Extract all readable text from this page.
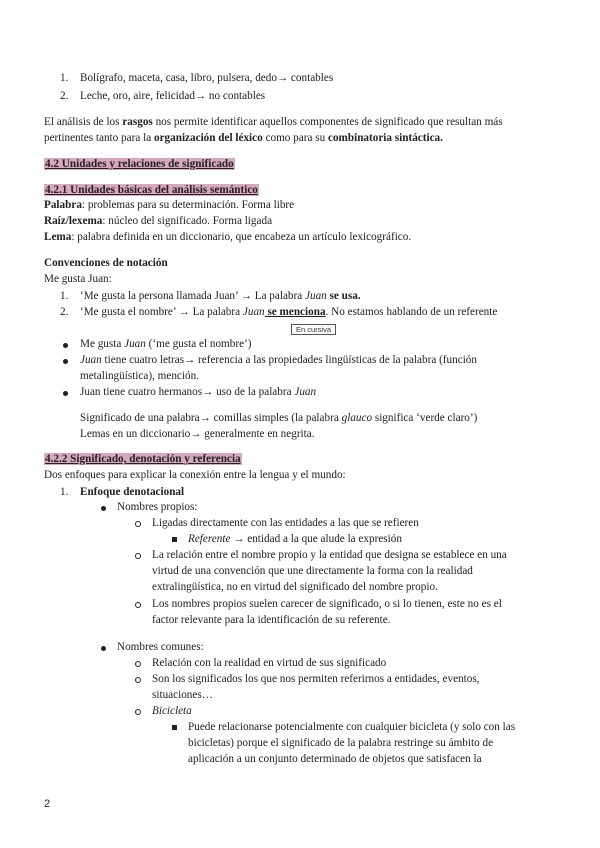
1. Bolígrafo, maceta, casa, libro, pulsera, dedo→ contables
2. Leche, oro, aire, felicidad→ no contables
El análisis de los rasgos nos permite identificar aquellos componentes de significado que resultan más
pertinentes tanto para la organización del léxico como para su combinatoria sintáctica.
4.2 Unidades y relaciones de significado
4.2.1 Unidades básicas del análisis semántico
Palabra: problemas para su determinación. Forma libre
Raíz/lexema: núcleo del significado. Forma ligada
Lema: palabra definida en un diccionario, que encabeza un artículo lexicográfico.
Convenciones de notación
Me gusta Juan:
1. ‘Me gusta la persona llamada Juan’ → La palabra Juan se usa.
2. ‘Me gusta el nombre’ → La palabra Juan se menciona. No estamos hablando de un referente
En cursiva
Me gusta Juan (‘me gusta el nombre’)
Juan tiene cuatro letras→ referencia a las propiedades lingüísticas de la palabra (función
metalingüística), mención.
Juan tiene cuatro hermanos→ uso de la palabra Juan
Significado de una palabra→ comillas simples (la palabra glauco significa ‘verde claro’)
Lemas en un diccionario→ generalmente en negrita.
4.2.2 Significado, denotación y referencia
Dos enfoques para explicar la conexión entre la lengua y el mundo:
1. Enfoque denotacional
Nombres propios:
Ligadas directamente con las entidades a las que se refieren
Referente → entidad a la que alude la expresión
La relación entre el nombre propio y la entidad que designa se establece en una
virtud de una convención que une directamente la forma con la realidad
extralingüística, no en virtud del significado del nombre propio.
Los nombres propios suelen carecer de significado, o si lo tienen, este no es el
factor relevante para la identificación de su referente.
Nombres comunes:
Relación con la realidad en virtud de sus significado
Son los significados los que nos permiten referirnos a entidades, eventos,
situaciones…
Bicicleta
Puede relacionarse potencialmente con cualquier bicicleta (y solo con las
bicicletas) porque el significado de la palabra restringe su ámbito de
aplicación a un conjunto determinado de objetos que satisfacen la
2
